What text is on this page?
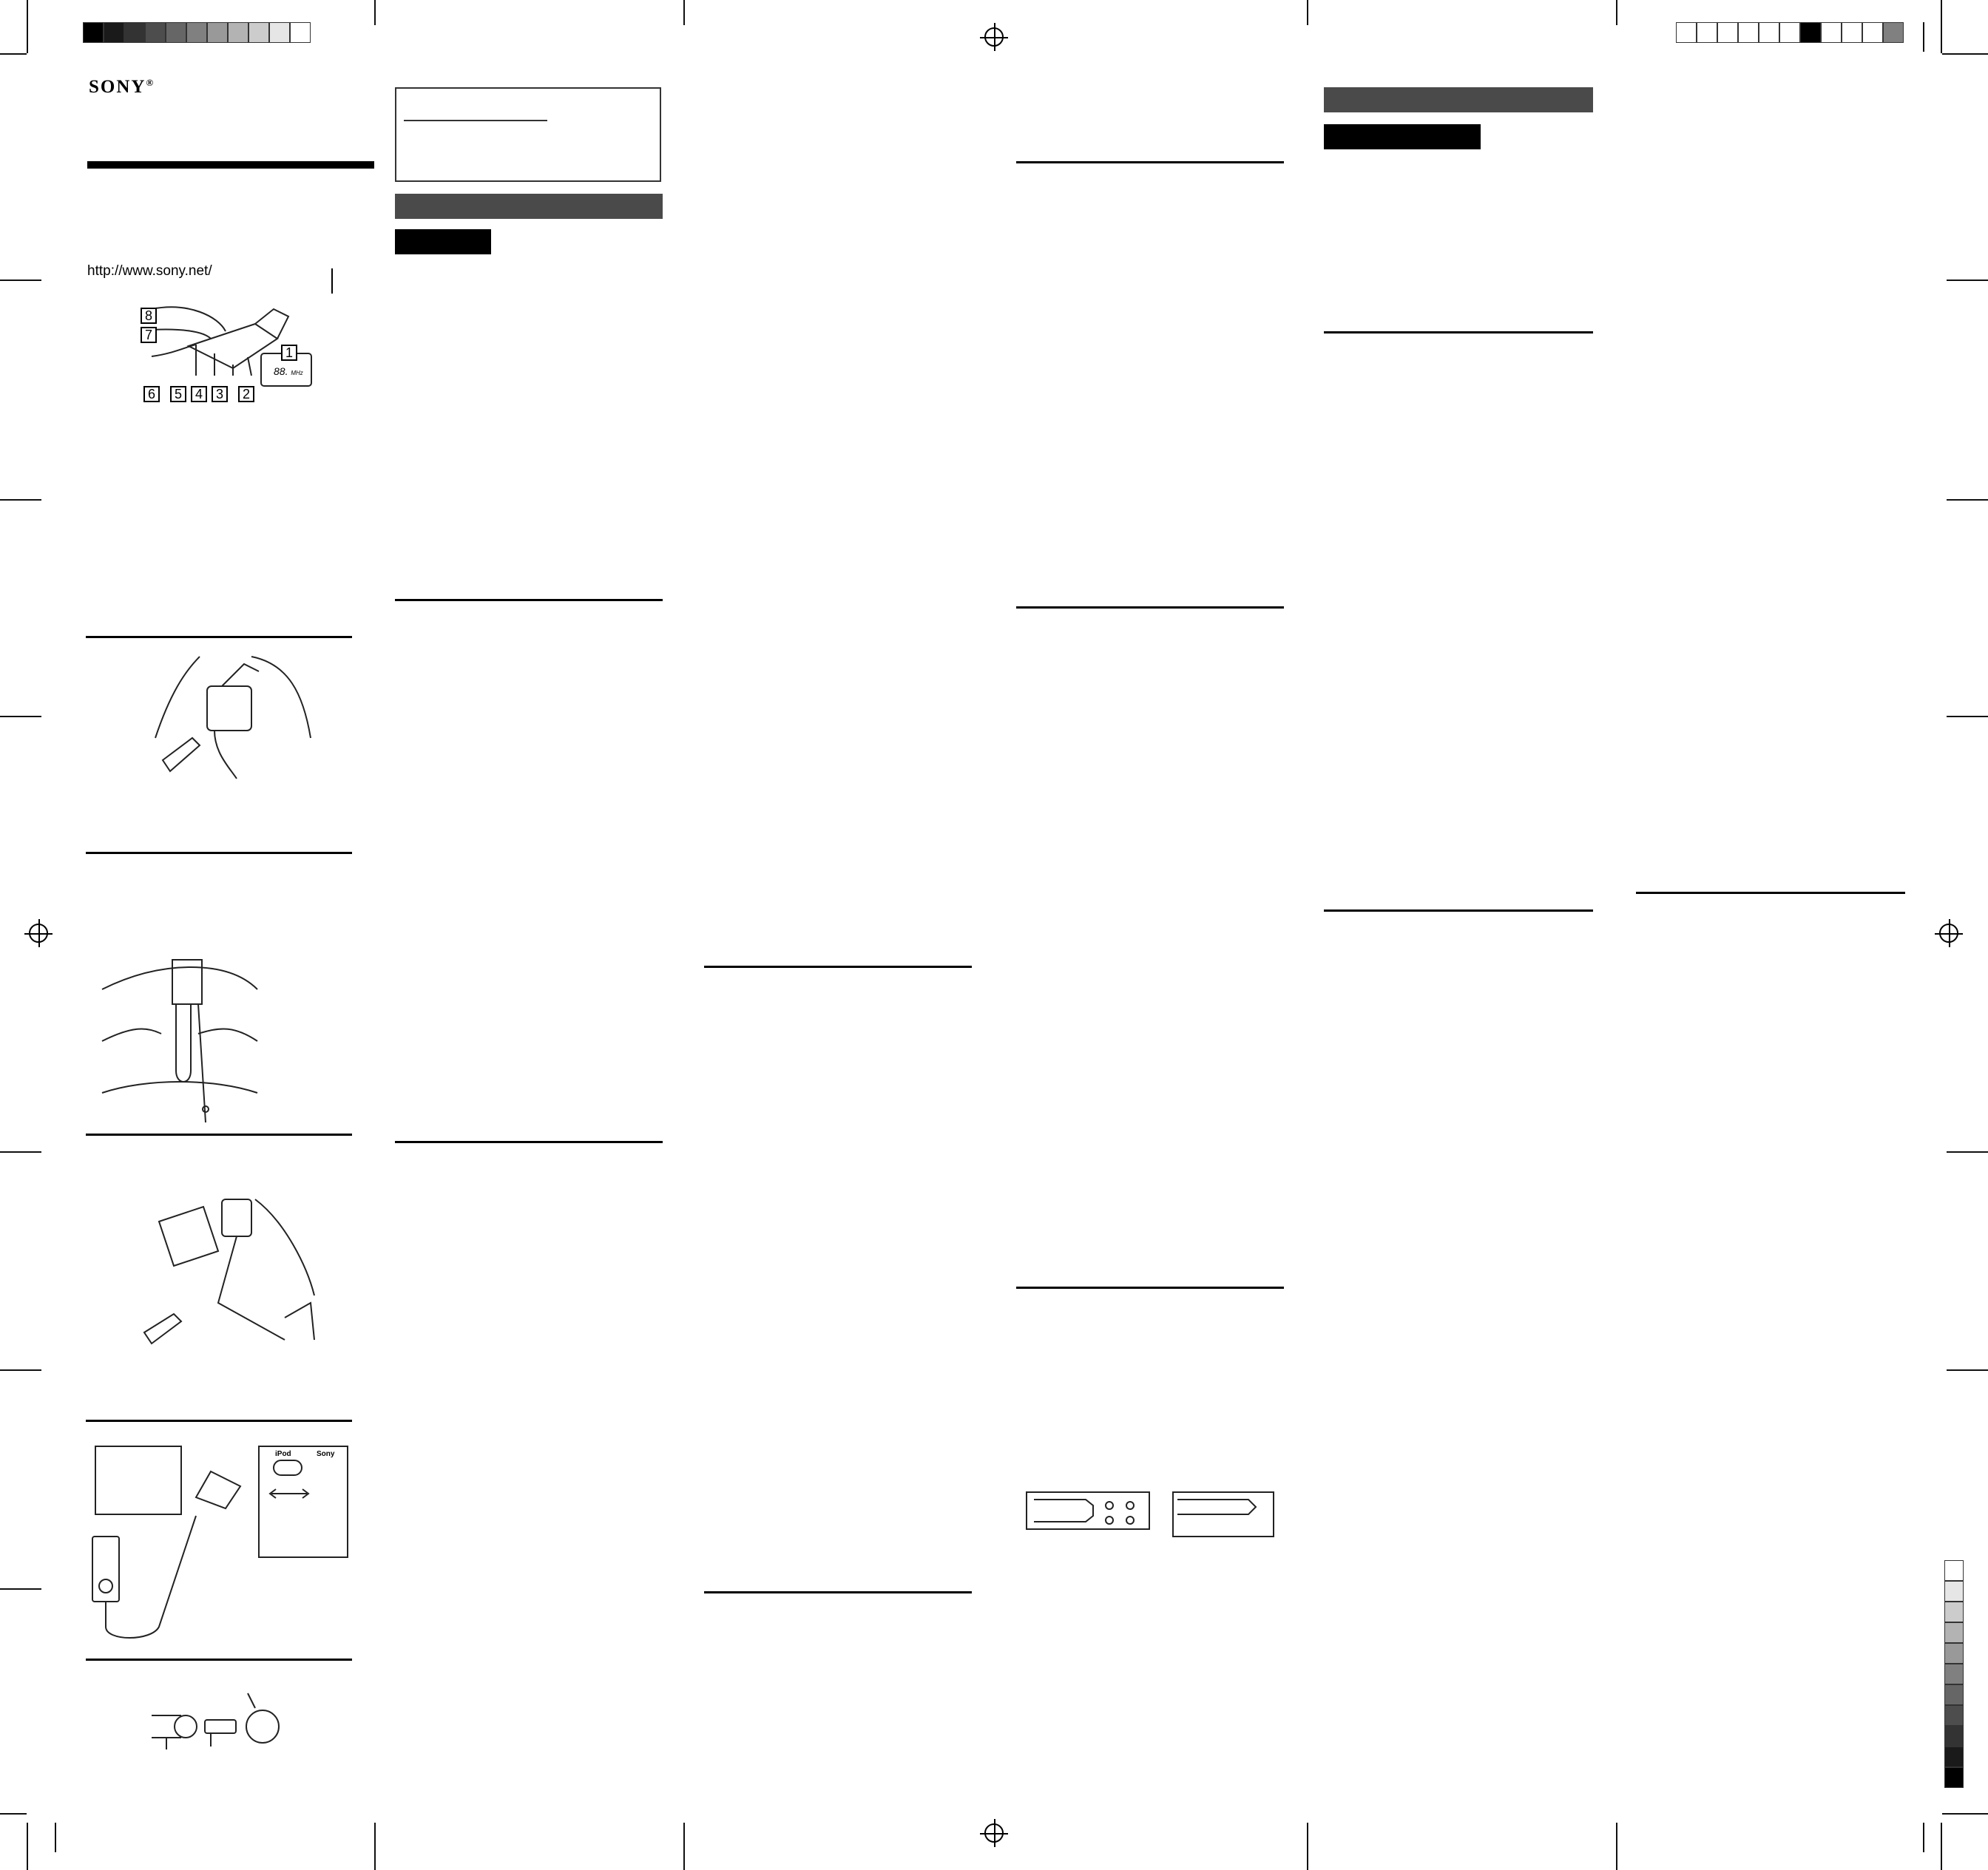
SONY®
http://www.sony.net/
8
7
1
88. MHz
6	5 4 3	2
iPod	Sony
